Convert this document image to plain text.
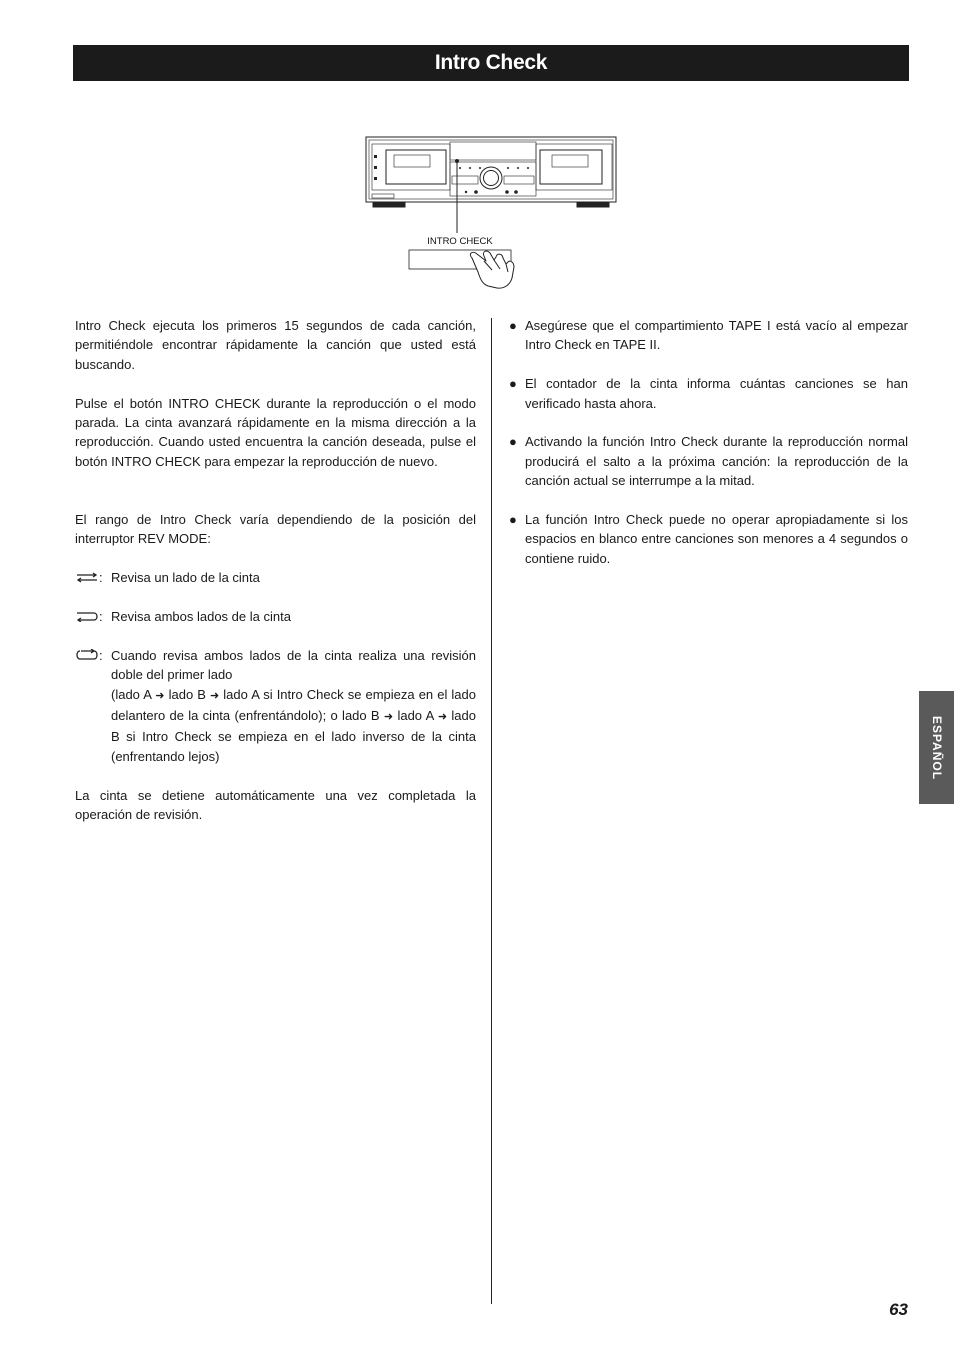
Intro Check
INTRO CHECK

Intro Check ejecuta los primeros 15 segundos de cada canción, permitiéndole encontrar rápidamente la canción que usted está buscando.

Pulse el botón INTRO CHECK durante la reproducción o el modo parada. La cinta avanzará rápidamente en la misma dirección a la reproducción. Cuando usted encuentra la canción deseada, pulse el botón INTRO CHECK para empezar la reproducción de nuevo.

El rango de Intro Check varía dependiendo de la posición del interruptor REV MODE:

: Revisa un lado de la cinta
: Revisa ambos lados de la cinta
: Cuando revisa ambos lados de la cinta realiza una revisión doble del primer lado
(lado A ➜ lado B ➜ lado A si Intro Check se empieza en el lado delantero de la cinta (enfrentándolo); o lado B ➜ lado A ➜ lado B si Intro Check se empieza en el lado inverso de la cinta (enfrentando lejos)

La cinta se detiene automáticamente una vez completada la operación de revisión.

● Asegúrese que el compartimiento TAPE I está vacío al empezar Intro Check en TAPE II.
● El contador de la cinta informa cuántas canciones se han verificado hasta ahora.
● Activando la función Intro Check durante la reproducción normal producirá el salto a la próxima canción: la reproducción de la canción actual se interrumpe a la mitad.
● La función Intro Check puede no operar apropiadamente si los espacios en blanco entre canciones son menores a 4 segundos o contiene ruido.
ESPAÑOL
63
